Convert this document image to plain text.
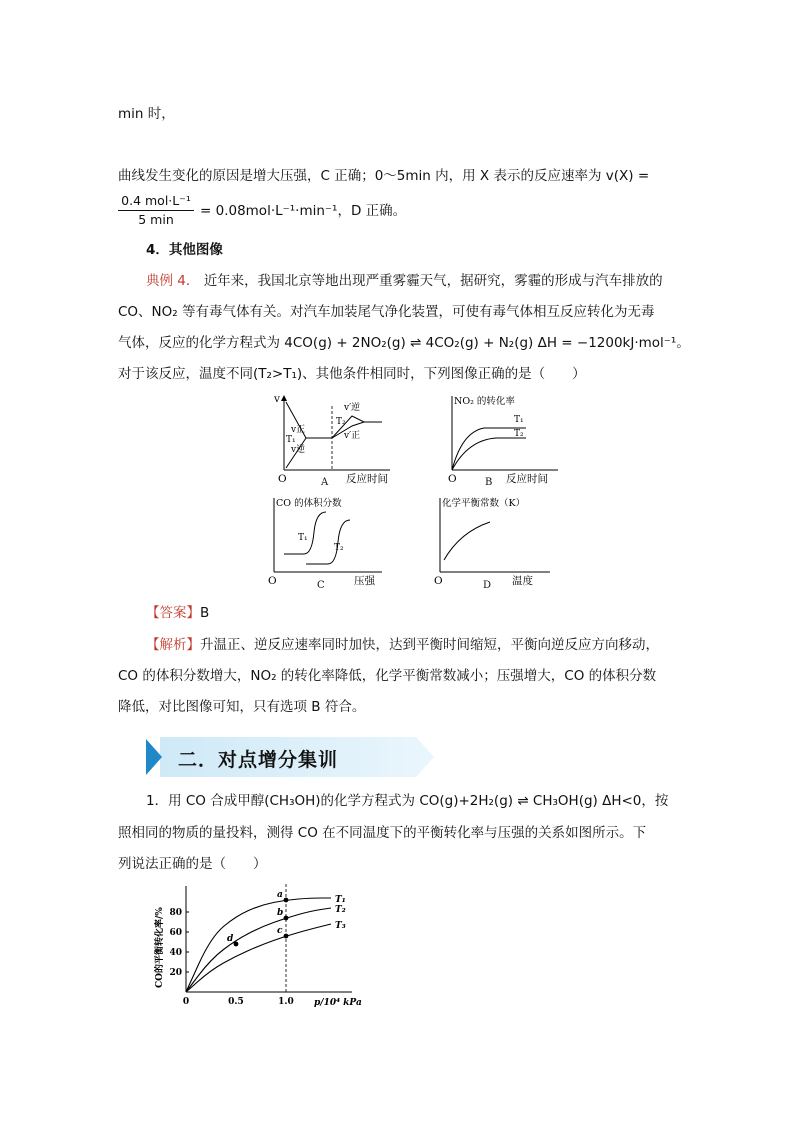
min 时，
曲线发生变化的原因是增大压强，C 正确；0～5min 内，用 X 表示的反应速率为 v(X) =
0.4 mol·L⁻¹
5 min
= 0.08mol·L⁻¹·min⁻¹，D 正确。
4．其他图像
典例 4． 近年来，我国北京等地出现严重雾霾天气，据研究，雾霾的形成与汽车排放的
CO、NO₂ 等有毒气体有关。对汽车加装尾气净化装置，可使有毒气体相互反应转化为无毒
气体，反应的化学方程式为 4CO(g) + 2NO₂(g) ⇌ 4CO₂(g) + N₂(g) ΔH = −1200kJ·mol⁻¹。
对于该反应，温度不同(T₂>T₁)、其他条件相同时，下列图像正确的是（　　）
v
O	反应时间
v正
v逆
T₁
T₂
v′逆
v′正
A
NO₂ 的转化率
O	反应时间
T₁
T₂
B
CO 的体积分数
O	压强
T₁
T₂
C
化学平衡常数（K）
O	温度
D
【答案】B
【解析】升温正、逆反应速率同时加快，达到平衡时间缩短，平衡向逆反应方向移动，
CO 的体积分数增大，NO₂ 的转化率降低，化学平衡常数减小；压强增大，CO 的体积分数
降低，对比图像可知，只有选项 B 符合。
二．对点增分集训
1．用 CO 合成甲醇(CH₃OH)的化学方程式为 CO(g)+2H₂(g) ⇌ CH₃OH(g) ΔH<0，按
照相同的物质的量投料，测得 CO 在不同温度下的平衡转化率与压强的关系如图所示。下
列说法正确的是（　　）
20
40
60
80
0	0.5	1.0 p/10⁴ kPa
CO的平衡转化率/%
T₁
T₂
T₃
a
b
c
d
